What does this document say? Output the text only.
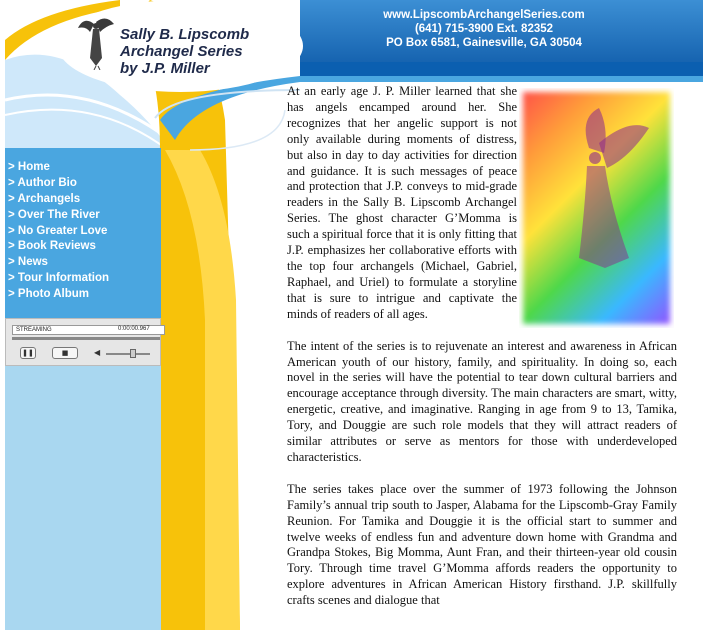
www.LipscombArchangelSeries.com
(641) 715-3900 Ext. 82352
PO Box 6581, Gainesville, GA 30504
Sally B. Lipscomb
Archangel Series
by J.P. Miller
> Home
> Author Bio
> Archangels
> Over The River
> No Greater Love
> Book Reviews
> News
> Tour Information
> Photo Album
STREAMING	0:00:00.967
❚❚	■	◀

At an early age J. P. Miller learned that she has angels encamped around her. She recognizes that her angelic support is not only available during moments of distress, but also in day to day activities for direction and guidance. It is such messages of peace and protection that J.P. conveys to mid-grade readers in the Sally B. Lipscomb Archangel Series. The ghost character G’Momma is such a spiritual force that it is only fitting that J.P. emphasizes her collaborative efforts with the top four archangels (Michael, Gabriel, Raphael, and Uriel) to formulate a storyline that is sure to intrigue and captivate the minds of readers of all ages.

The intent of the series is to rejuvenate an interest and awareness in African American youth of our history, family, and spirituality. In doing so, each novel in the series will have the potential to tear down cultural barriers and encourage acceptance through diversity. The main characters are smart, witty, energetic, creative, and imaginative. Ranging in age from 9 to 13, Tamika, Tory, and Douggie are such role models that they will attract readers of similar attributes or serve as mentors for those with underdeveloped characteristics.

The series takes place over the summer of 1973 following the Johnson Family’s annual trip south to Jasper, Alabama for the Lipscomb-Gray Family Reunion. For Tamika and Douggie it is the official start to summer and twelve weeks of endless fun and adventure down home with Grandma and Grandpa Stokes, Big Momma, Aunt Fran, and their thirteen-year old cousin Tory. Through time travel G’Momma affords readers the opportunity to explore adventures in African American History firsthand. J.P. skillfully crafts scenes and dialogue that
